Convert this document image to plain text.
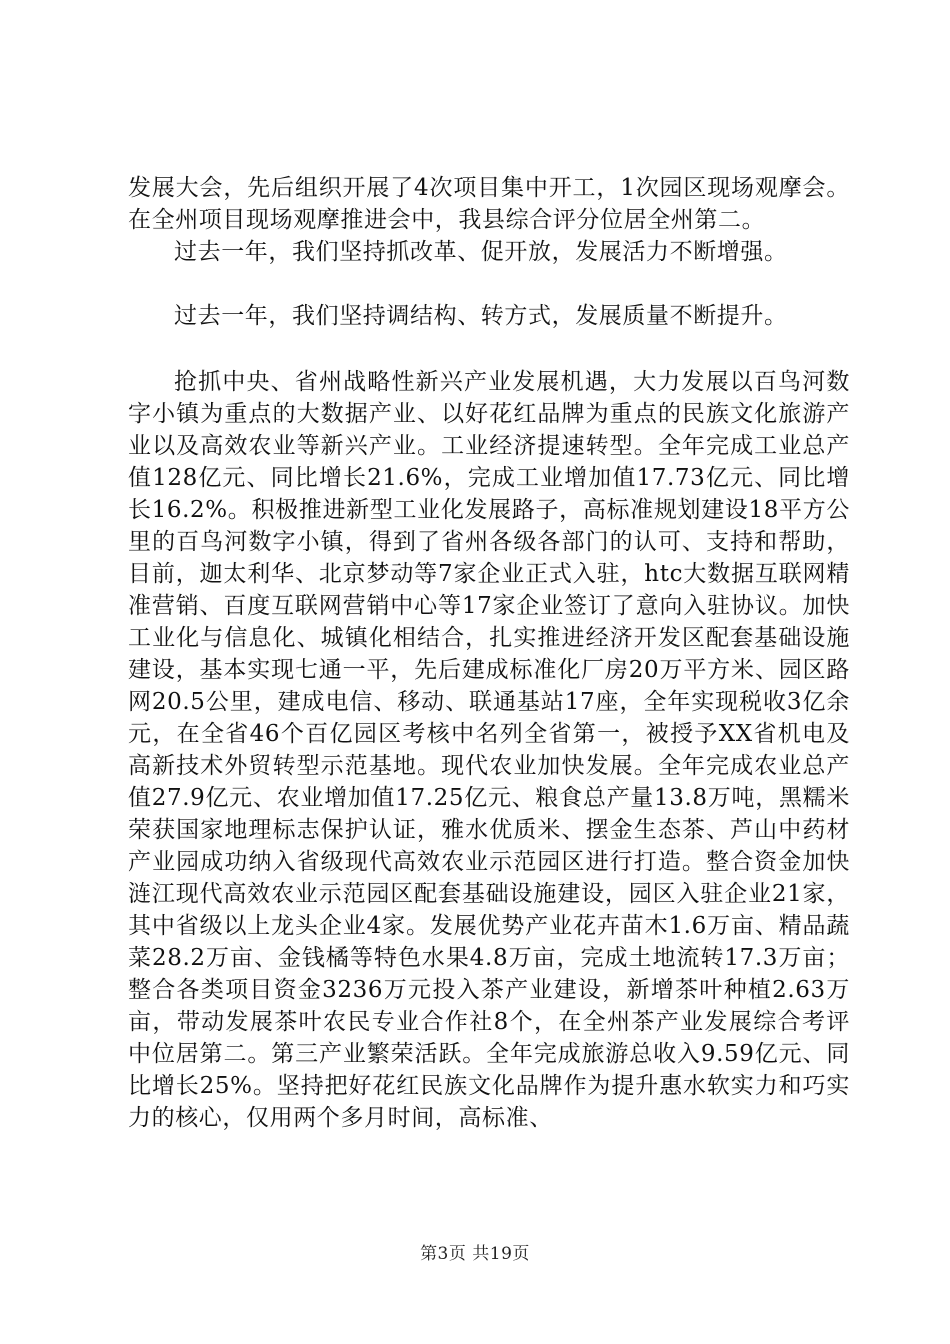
发展大会，先后组织开展了4次项目集中开工，1次园区现场观摩会。在全州项目现场观摩推进会中，我县综合评分位居全州第二。

过去一年，我们坚持抓改革、促开放，发展活力不断增强。

过去一年，我们坚持调结构、转方式，发展质量不断提升。

抢抓中央、省州战略性新兴产业发展机遇，大力发展以百鸟河数字小镇为重点的大数据产业、以好花红品牌为重点的民族文化旅游产业以及高效农业等新兴产业。工业经济提速转型。全年完成工业总产值128亿元、同比增长21.6%，完成工业增加值17.73亿元、同比增长16.2%。积极推进新型工业化发展路子，高标准规划建设18平方公里的百鸟河数字小镇，得到了省州各级各部门的认可、支持和帮助，目前，迦太利华、北京梦动等7家企业正式入驻，htc大数据互联网精准营销、百度互联网营销中心等17家企业签订了意向入驻协议。加快工业化与信息化、城镇化相结合，扎实推进经济开发区配套基础设施建设，基本实现七通一平，先后建成标准化厂房20万平方米、园区路网20.5公里，建成电信、移动、联通基站17座，全年实现税收3亿余元，在全省46个百亿园区考核中名列全省第一，被授予XX省机电及高新技术外贸转型示范基地。现代农业加快发展。全年完成农业总产值27.9亿元、农业增加值17.25亿元、粮食总产量13.8万吨，黑糯米荣获国家地理标志保护认证，雅水优质米、摆金生态茶、芦山中药材产业园成功纳入省级现代高效农业示范园区进行打造。整合资金加快涟江现代高效农业示范园区配套基础设施建设，园区入驻企业21家，其中省级以上龙头企业4家。发展优势产业花卉苗木1.6万亩、精品蔬菜28.2万亩、金钱橘等特色水果4.8万亩，完成土地流转17.3万亩；整合各类项目资金3236万元投入茶产业建设，新增茶叶种植2.63万亩，带动发展茶叶农民专业合作社8个，在全州茶产业发展综合考评中位居第二。第三产业繁荣活跃。全年完成旅游总收入9.59亿元、同比增长25%。坚持把好花红民族文化品牌作为提升惠水软实力和巧实力的核心，仅用两个多月时间，高标准、

第3页 共19页
